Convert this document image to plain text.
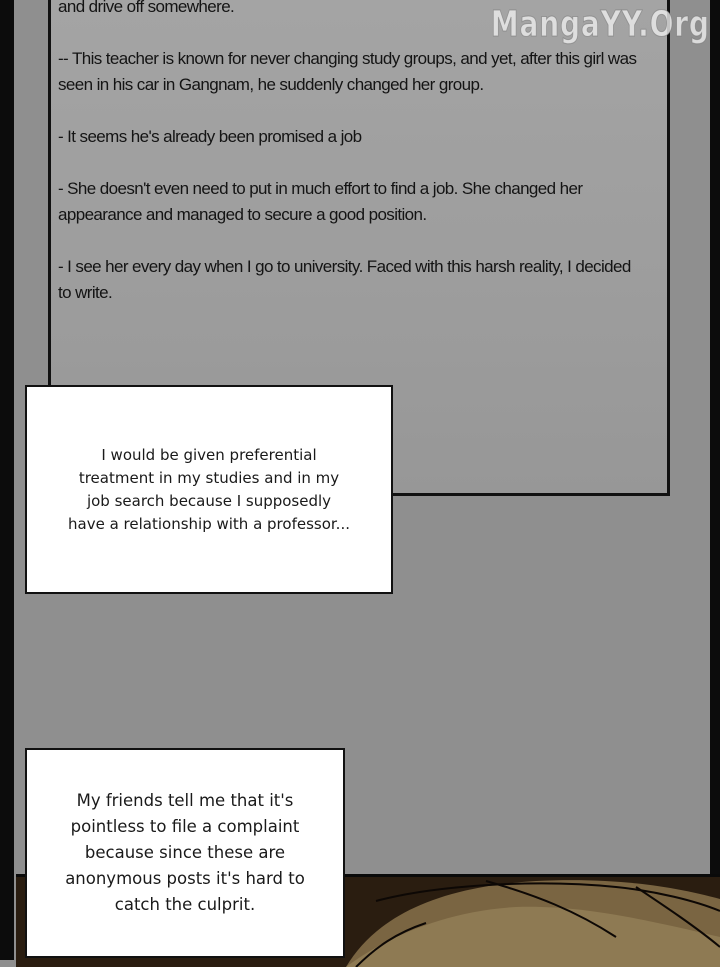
and drive off somewhere.

-- This teacher is known for never changing study groups, and yet, after this girl was
seen in his car in Gangnam, he suddenly changed her group.

- It seems he's already been promised a job

- She doesn't even need to put in much effort to find a job. She changed her
appearance and managed to secure a good position.

- I see her every day when I go to university. Faced with this harsh reality, I decided
to write.

MangaYY.Org
I would be given preferential
treatment in my studies and in my
job search because I supposedly
have a relationship with a professor...
My friends tell me that it's
pointless to file a complaint
because since these are
anonymous posts it's hard to
catch the culprit.
